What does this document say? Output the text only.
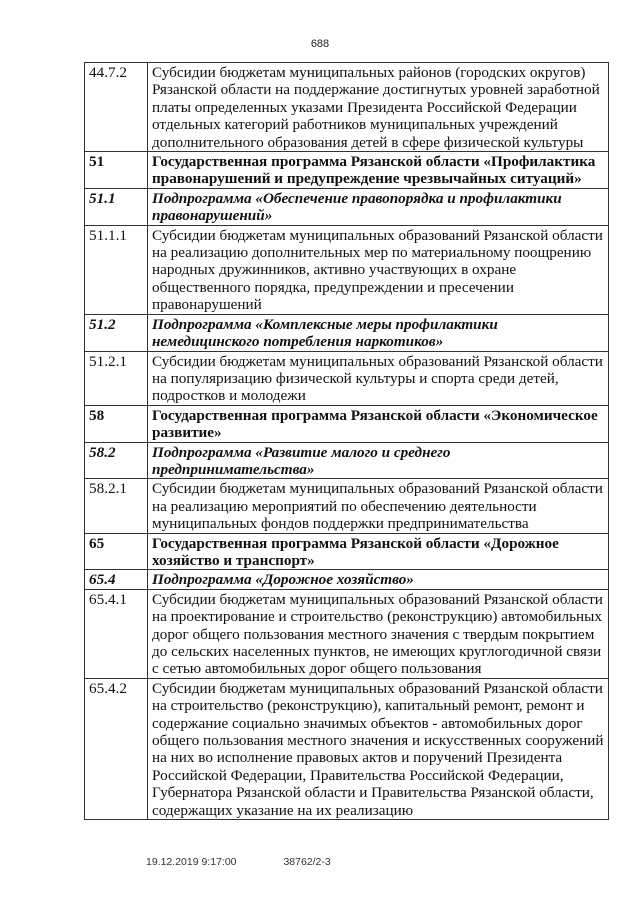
688
44.7.2	Субсидии бюджетам муниципальных районов (городских округов) Рязанской области на поддержание достигнутых уровней заработной платы определенных указами Президента Российской Федерации отдельных категорий работников муниципальных учреждений дополнительного образования детей в сфере физической культуры
51	Государственная программа Рязанской области «Профилактика правонарушений и предупреждение чрезвычайных ситуаций»
51.1	Подпрограмма «Обеспечение правопорядка и профилактики правонарушений»
51.1.1	Субсидии бюджетам муниципальных образований Рязанской области на реализацию дополнительных мер по материальному поощрению народных дружинников, активно участвующих в охране общественного порядка, предупреждении и пресечении правонарушений
51.2	Подпрограмма «Комплексные меры профилактики немедицинского потребления наркотиков»
51.2.1	Субсидии бюджетам муниципальных образований Рязанской области на популяризацию физической культуры и спорта среди детей, подростков и молодежи
58	Государственная программа Рязанской области «Экономическое развитие»
58.2	Подпрограмма «Развитие малого и среднего предпринимательства»
58.2.1	Субсидии бюджетам муниципальных образований Рязанской области на реализацию мероприятий по обеспечению деятельности муниципальных фондов поддержки предпринимательства
65	Государственная программа Рязанской области «Дорожное хозяйство и транспорт»
65.4	Подпрограмма «Дорожное хозяйство»
65.4.1	Субсидии бюджетам муниципальных образований Рязанской области на проектирование и строительство (реконструкцию) автомобильных дорог общего пользования местного значения с твердым покрытием до сельских населенных пунктов, не имеющих круглогодичной связи с сетью автомобильных дорог общего пользования
65.4.2	Субсидии бюджетам муниципальных образований Рязанской области на строительство (реконструкцию), капитальный ремонт, ремонт и содержание социально значимых объектов - автомобильных дорог общего пользования местного значения и искусственных сооружений на них во исполнение правовых актов и поручений Президента Российской Федерации, Правительства Российской Федерации, Губернатора Рязанской области и Правительства Рязанской области, содержащих указание на их реализацию
19.12.2019 9:17:00	38762/2-3
